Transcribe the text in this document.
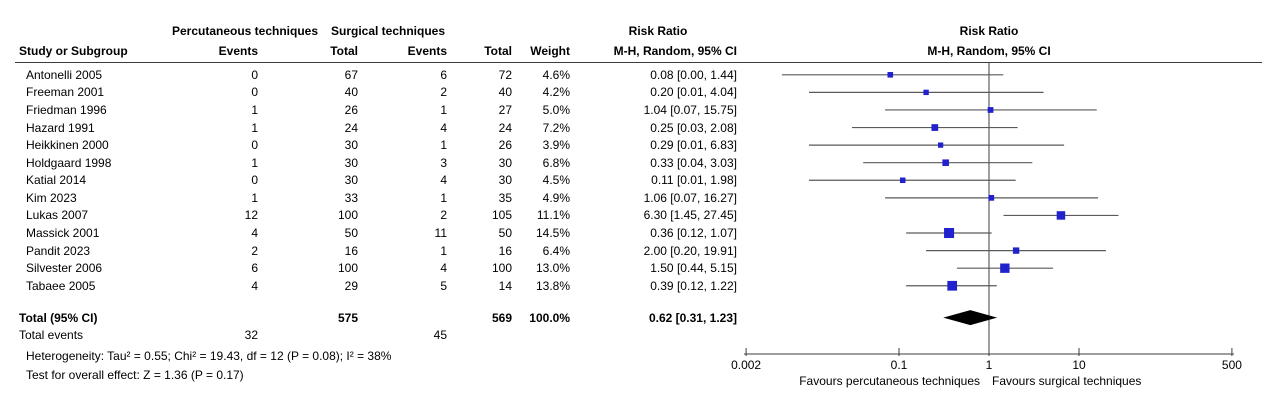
Percutaneous techniques Surgical techniques	Risk Ratio	Risk Ratio
Study or Subgroup	Events	Total	Events	Total Weight	M-H, Random, 95% CI	M-H, Random, 95% CI
Antonelli 2005	0	67	6	72	4.6%	0.08 [0.00, 1.44]
Freeman 2001	0	40	2	40	4.2%	0.20 [0.01, 4.04]
Friedman 1996	1	26	1	27	5.0%	1.04 [0.07, 15.75]
Hazard 1991	1	24	4	24	7.2%	0.25 [0.03, 2.08]
Heikkinen 2000	0	30	1	26	3.9%	0.29 [0.01, 6.83]
Holdgaard 1998	1	30	3	30	6.8%	0.33 [0.04, 3.03]
Katial 2014	0	30	4	30	4.5%	0.11 [0.01, 1.98]
Kim 2023	1	33	1	35	4.9%	1.06 [0.07, 16.27]
Lukas 2007	12	100	2	105 11.1%	6.30 [1.45, 27.45]
Massick 2001	4	50	11	50 14.5%	0.36 [0.12, 1.07]
Pandit 2023	2	16	1	16	6.4%	2.00 [0.20, 19.91]
Silvester 2006	6	100	4	100 13.0%	1.50 [0.44, 5.15]
Tabaee 2005	4	29	5	14 13.8%	0.39 [0.12, 1.22]
Total (95% CI)	575	569 100.0%	0.62 [0.31, 1.23]
Total events	32	45
Heterogeneity: Tau² = 0.55; Chi² = 19.43, df = 12 (P = 0.08); I² = 38%
Test for overall effect: Z = 1.36 (P = 0.17)
0.002	0.1	1	10	500
Favours percutaneous techniques Favours surgical techniques
